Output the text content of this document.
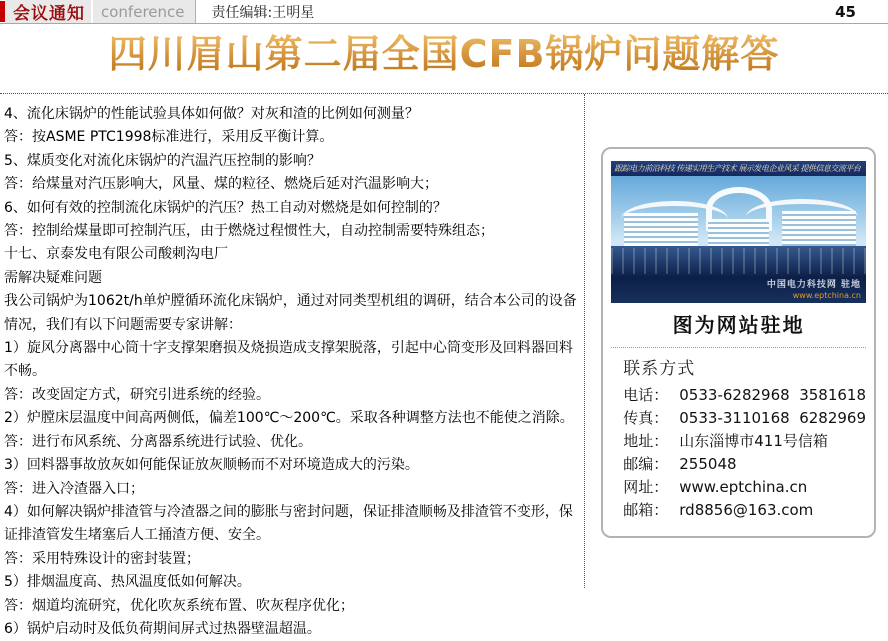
会议通知	conference	责任编辑:王明星	45
四川眉山第二届全国CFB锅炉问题解答

4、流化床锅炉的性能试验具体如何做？对灰和渣的比例如何测量？

答：按ASME PTC1998标准进行，采用反平衡计算。

5、煤质变化对流化床锅炉的汽温汽压控制的影响？

答：给煤量对汽压影响大，风量、煤的粒径、燃烧后延对汽温影响大；

6、如何有效的控制流化床锅炉的汽压？热工自动对燃烧是如何控制的？

答：控制给煤量即可控制汽压，由于燃烧过程惯性大，自动控制需要特殊组态；

十七、京泰发电有限公司酸刺沟电厂

需解决疑难问题

我公司锅炉为1062t/h单炉膛循环流化床锅炉，通过对同类型机组的调研，结合本公司的设备情况，我们有以下问题需要专家讲解：

1）旋风分离器中心筒十字支撑架磨损及烧损造成支撑架脱落，引起中心筒变形及回料器回料不畅。

答：改变固定方式，研究引进系统的经验。

2）炉膛床层温度中间高两侧低，偏差100℃～200℃。采取各种调整方法也不能使之消除。

答：进行布风系统、分离器系统进行试验、优化。

3）回料器事故放灰如何能保证放灰顺畅而不对环境造成大的污染。

答：进入冷渣器入口；

4）如何解决锅炉排渣管与冷渣器之间的膨胀与密封问题，保证排渣顺畅及排渣管不变形，保证排渣管发生堵塞后人工捅渣方便、安全。

答：采用特殊设计的密封装置；

5）排烟温度高、热风温度低如何解决。

答：烟道均流研究，优化吹灰系统布置、吹灰程序优化；

6）锅炉启动时及低负荷期间屏式过热器壁温超温。

跟踪电力前沿科技 传递实用生产技术 展示发电企业风采 提供信息交流平台
中国电力科技网 驻地
www.eptchina.cn
图为网站驻地
联系方式
电话： 0533-6282968  3581618
传真： 0533-3110168  6282969
地址： 山东淄博市411号信箱
邮编： 255048
网址： www.eptchina.cn
邮箱： rd8856@163.com
